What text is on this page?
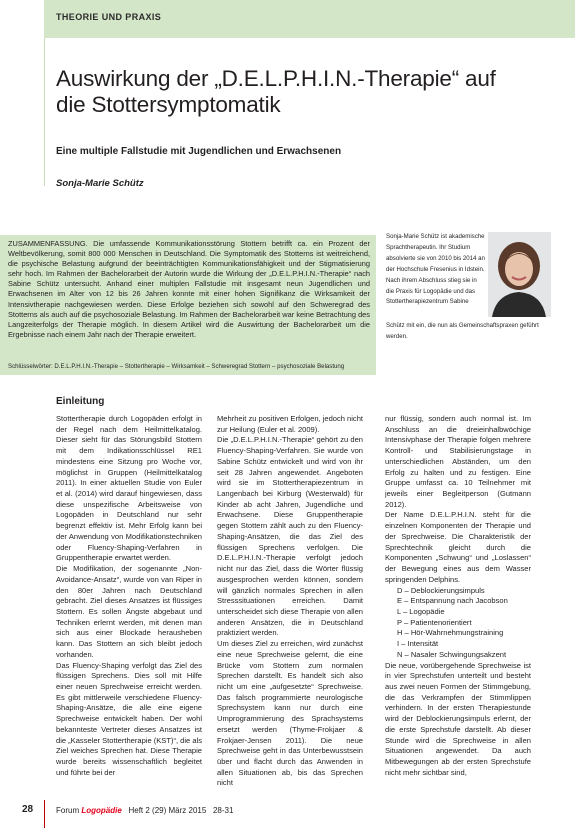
THEORIE UND PRAXIS
Auswirkung der „D.E.L.P.H.I.N.-Therapie“ auf die Stottersymptomatik
Eine multiple Fallstudie mit Jugendlichen und Erwachsenen
Sonja-Marie Schütz
ZUSAMMENFASSUNG. Die umfassende Kommunikationsstörung Stottern betrifft ca. ein Prozent der Weltbevölkerung, somit 800 000 Menschen in Deutschland. Die Symptomatik des Stotterns ist weitreichend, die psychische Belastung aufgrund der beeinträchtigten Kommunikationsfähigkeit und der Stigmatisierung sehr hoch. Im Rahmen der Bachelorarbeit der Autorin wurde die Wirkung der „D.E.L.P.H.I.N.-Therapie“ nach Sabine Schütz untersucht. Anhand einer multiplen Fallstudie mit insgesamt neun Jugendlichen und Erwachsenen im Alter von 12 bis 26 Jahren konnte mit einer hohen Signifikanz die Wirksamkeit der Intensivtherapie nachgewiesen werden. Diese Erfolge beziehen sich sowohl auf den Schweregrad des Stotterns als auch auf die psychosoziale Belastung. Im Rahmen der Bachelorarbeit war keine Betrachtung des Langzeiterfolgs der Therapie möglich. In diesem Artikel wird die Auswirtung der Bachelorarbeit um die Ergebnisse nach einem Jahr nach der Therapie erweitert.
Schlüsselwörter: D.E.L.P.H.I.N.-Therapie – Stottertherapie – Wirksamkeit – Schweregrad Stottern – psychosoziale Belastung
Sonja-Marie Schütz ist akademische Sprachtherapeutin. Ihr Studium absolvierte sie von 2010 bis 2014 an der Hochschule Fresenius in Idstein. Nach ihrem Abschluss stieg sie in die Praxis für Logopädie und das Stottertherapiezentrum Sabine
Schütz mit ein, die nun als Gemeinschaftspraxen geführt werden.
Einleitung

Stottertherapie durch Logopäden erfolgt in der Regel nach dem Heilmittelkatalog. Dieser sieht für das Störungsbild Stottern mit dem Indikationsschlüssel RE1 mindestens eine Sitzung pro Woche vor, möglichst in Gruppen (Heilmittelkatalog 2011). In einer aktuellen Studie von Euler et al. (2014) wird darauf hingewiesen, dass diese unspezifische Arbeitsweise von Logopäden in Deutschland nur sehr begrenzt effektiv ist. Mehr Erfolg kann bei der Anwendung von Modifikationstechniken oder Fluency-Shaping-Verfahren in Gruppentherapie erwartet werden.

Die Modifikation, der sogenannte „Non-Avoidance-Ansatz“, wurde von van Riper in den 80er Jahren nach Deutschland gebracht. Ziel dieses Ansatzes ist flüssiges Stottern. Es sollen Ängste abgebaut und Techniken erlernt werden, mit denen man sich aus einer Blockade herausheben kann. Das Stottern an sich bleibt jedoch vorhanden.

Das Fluency-Shaping verfolgt das Ziel des flüssigen Sprechens. Dies soll mit Hilfe einer neuen Sprechweise erreicht werden. Es gibt mittlerweile verschiedene Fluency-Shaping-Ansätze, die alle eine eigene Sprechweise entwickelt haben. Der wohl bekannteste Vertreter dieses Ansatzes ist die „Kasseler Stottertherapie (KST)“, die als Ziel weiches Sprechen hat. Diese Therapie wurde bereits wissenschaftlich begleitet und führte bei der

Mehrheit zu positiven Erfolgen, jedoch nicht zur Heilung (Euler et al. 2009).

Die „D.E.L.P.H.I.N.-Therapie“ gehört zu den Fluency-Shaping-Verfahren. Sie wurde von Sabine Schütz entwickelt und wird von ihr seit 28 Jahren angewendet. Angeboten wird sie im Stottertherapiezentrum in Langenbach bei Kirburg (Westerwald) für Kinder ab acht Jahren, Jugendliche und Erwachsene. Diese Gruppentherapie gegen Stottern zählt auch zu den Fluency-Shaping-Ansätzen, die das Ziel des flüssigen Sprechens verfolgen. Die D.E.L.P.H.I.N.-Therapie verfolgt jedoch nicht nur das Ziel, dass die Wörter flüssig ausgesprochen werden können, sondern will gänzlich normales Sprechen in allen Stresssituationen erreichen. Damit unterscheidet sich diese Therapie von allen anderen Ansätzen, die in Deutschland praktiziert werden.

Um dieses Ziel zu erreichen, wird zunächst eine neue Sprechweise gelernt, die eine Brücke vom Stottern zum normalen Sprechen darstellt. Es handelt sich also nicht um eine „aufgesetzte“ Sprechweise. Das falsch programmierte neurologische Sprechsystem kann nur durch eine Umprogrammierung des Sprachsystems ersetzt werden (Thyme-Frokjaer & Frokjaer-Jensen 2011). Die neue Sprechweise geht in das Unterbewusstsein über und flacht durch das Anwenden in allen Situationen ab, bis das Sprechen nicht

nur flüssig, sondern auch normal ist. Im Anschluss an die dreieinhalbwöchige Intensivphase der Therapie folgen mehrere Kontroll- und Stabilisierungstage in unterschiedlichen Abständen, um den Erfolg zu halten und zu festigen. Eine Gruppe umfasst ca. 10 Teilnehmer mit jeweils einer Begleitperson (Gutmann 2012).

Der Name D.E.L.P.H.I.N. steht für die einzelnen Komponenten der Therapie und der Sprechweise. Die Charakteristik der Sprechtechnik gleicht durch die Komponenten „Schwung“ und „Loslassen“ der Bewegung eines aus dem Wasser springenden Delphins.

D – Deblockierungsimpuls
E – Entspannung nach Jacobson
L – Logopädie
P – Patientenorientiert
H – Hör-Wahrnehmungstraining
I – Intensität
N – Nasaler Schwingungsakzent

Die neue, vorübergehende Sprechweise ist in vier Sprechstufen unterteilt und besteht aus zwei neuen Formen der Stimmgebung, die das Verkrampfen der Stimmlippen verhindern. In der ersten Therapiestunde wird der Deblockierungsimpuls erlernt, der die erste Sprechstufe darstellt. Ab dieser Stunde wird die Sprechweise in allen Situationen angewendet. Da auch Mitbewegungen ab der ersten Sprechstufe nicht mehr sichtbar sind,

28	Forum Logopädie Heft 2 (29) März 2015 28-31
